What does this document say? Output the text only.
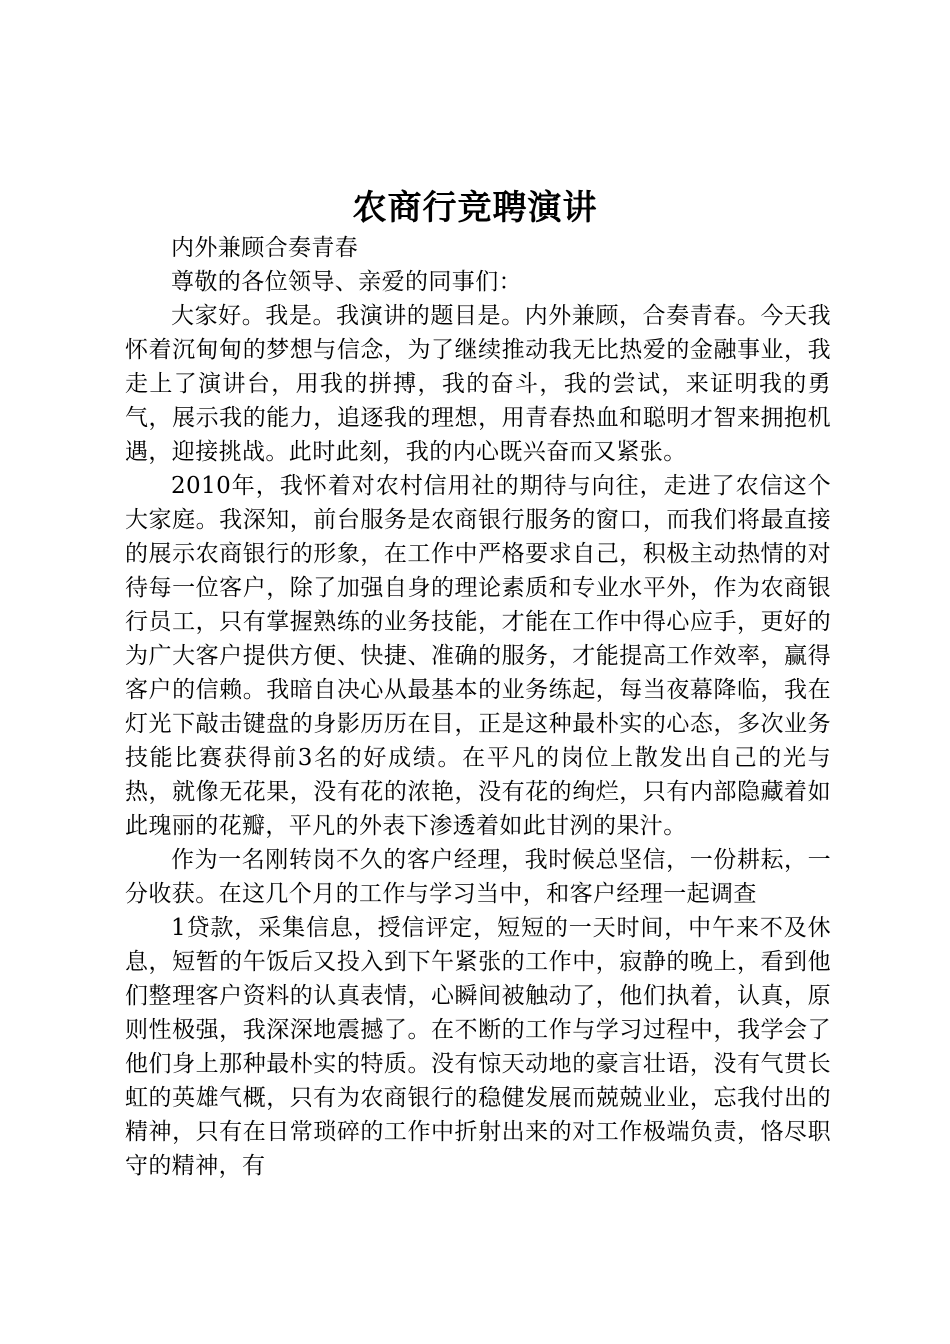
农商行竞聘演讲

内外兼顾合奏青春

尊敬的各位领导、亲爱的同事们：

大家好。我是。我演讲的题目是。内外兼顾，合奏青春。今天我怀着沉甸甸的梦想与信念，为了继续推动我无比热爱的金融事业，我走上了演讲台，用我的拼搏，我的奋斗，我的尝试，来证明我的勇气，展示我的能力，追逐我的理想，用青春热血和聪明才智来拥抱机遇，迎接挑战。此时此刻，我的内心既兴奋而又紧张。

2010年，我怀着对农村信用社的期待与向往，走进了农信这个大家庭。我深知，前台服务是农商银行服务的窗口，而我们将最直接的展示农商银行的形象，在工作中严格要求自己，积极主动热情的对待每一位客户，除了加强自身的理论素质和专业水平外，作为农商银行员工，只有掌握熟练的业务技能，才能在工作中得心应手，更好的为广大客户提供方便、快捷、准确的服务，才能提高工作效率，赢得客户的信赖。我暗自决心从最基本的业务练起，每当夜幕降临，我在灯光下敲击键盘的身影历历在目，正是这种最朴实的心态，多次业务技能比赛获得前3名的好成绩。在平凡的岗位上散发出自己的光与热，就像无花果，没有花的浓艳，没有花的绚烂，只有内部隐藏着如此瑰丽的花瓣，平凡的外表下渗透着如此甘洌的果汁。

作为一名刚转岗不久的客户经理，我时候总坚信，一份耕耘，一分收获。在这几个月的工作与学习当中，和客户经理一起调查

1贷款，采集信息，授信评定，短短的一天时间，中午来不及休息，短暂的午饭后又投入到下午紧张的工作中，寂静的晚上，看到他们整理客户资料的认真表情，心瞬间被触动了，他们执着，认真，原则性极强，我深深地震撼了。在不断的工作与学习过程中，我学会了他们身上那种最朴实的特质。没有惊天动地的豪言壮语，没有气贯长虹的英雄气概，只有为农商银行的稳健发展而兢兢业业，忘我付出的精神，只有在日常琐碎的工作中折射出来的对工作极端负责，恪尽职守的精神，有
